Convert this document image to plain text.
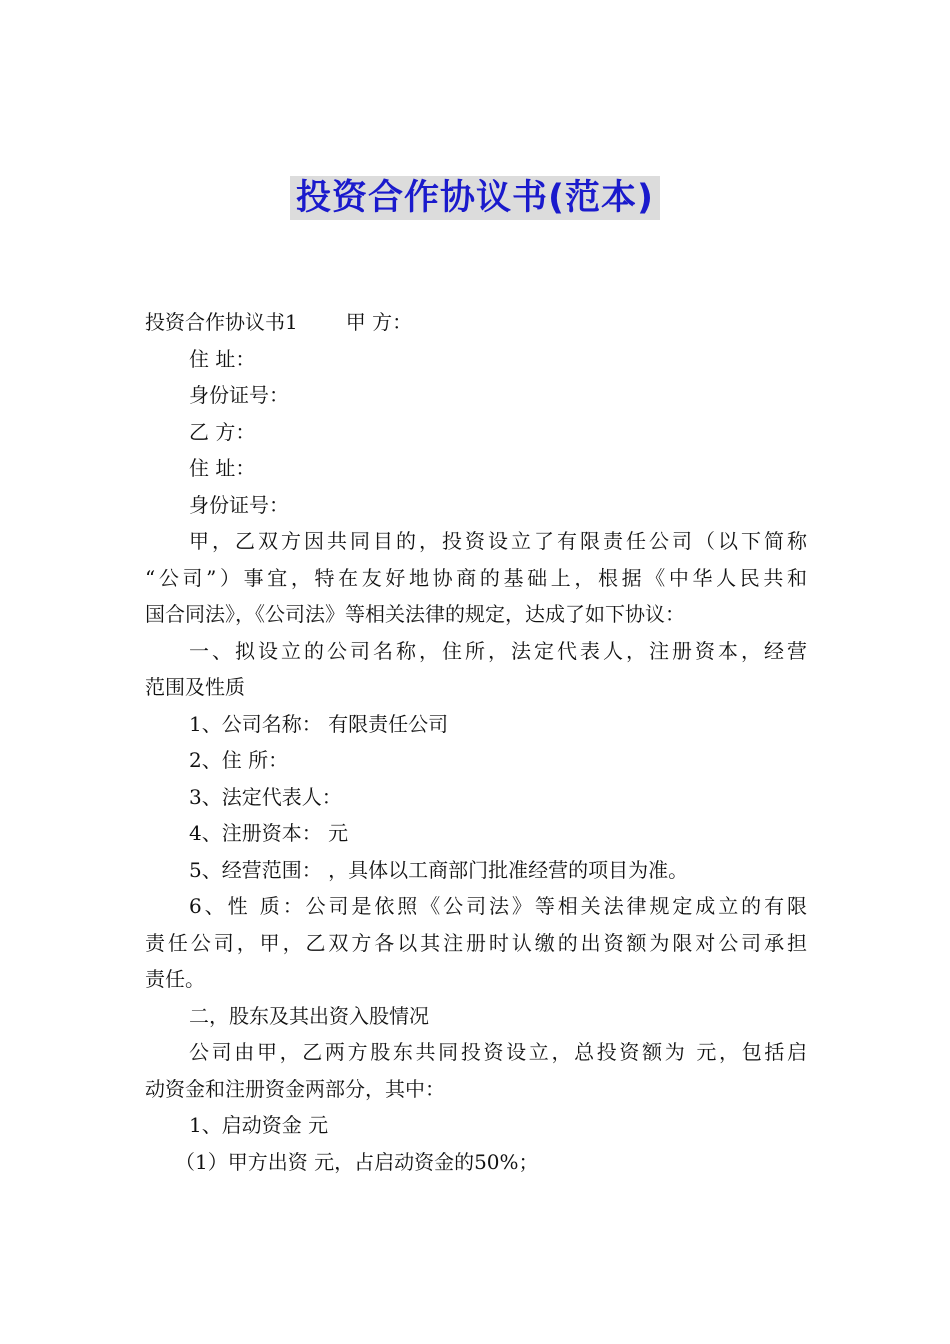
投资合作协议书(范本)
投资合作协议书1 甲 方：
住 址：
身份证号：
乙 方：
住 址：
身份证号：
甲，乙双方因共同目的，投资设立了有限责任公司（以下简称
“公司”）事宜，特在友好地协商的基础上，根据《中华人民共和
国合同法》，《公司法》等相关法律的规定，达成了如下协议：
一、拟设立的公司名称，住所，法定代表人，注册资本，经营
范围及性质
1、公司名称： 有限责任公司
2、住 所：
3、法定代表人：
4、注册资本： 元
5、经营范围： ，具体以工商部门批准经营的项目为准。
6、性 质：公司是依照《公司法》等相关法律规定成立的有限
责任公司，甲，乙双方各以其注册时认缴的出资额为限对公司承担
责任。
二，股东及其出资入股情况
公司由甲，乙两方股东共同投资设立，总投资额为 元，包括启
动资金和注册资金两部分，其中：
1、启动资金 元
（1）甲方出资 元，占启动资金的50%；
